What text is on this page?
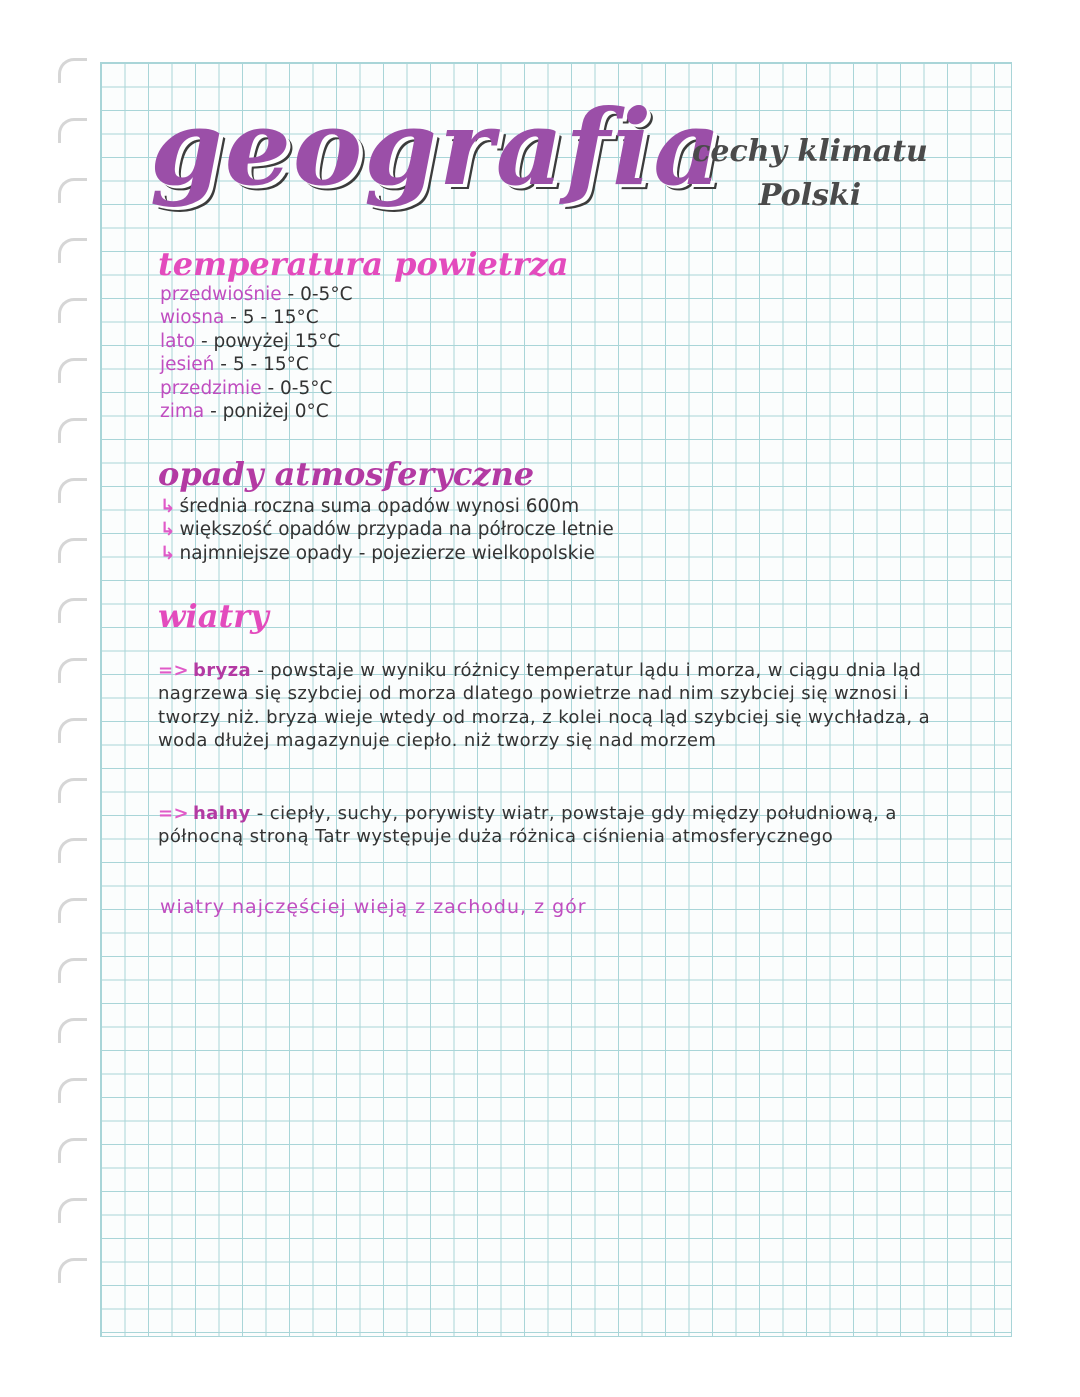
geografia
cechy klimatu
Polski
temperatura powietrza
przedwiośnie - 0-5°C
wiosna - 5 - 15°C
lato - powyżej 15°C
jesień - 5 - 15°C
przedzimie - 0-5°C
zima - poniżej 0°C
opady atmosferyczne
↳ średnia roczna suma opadów wynosi 600m
↳ większość opadów przypada na półrocze letnie
↳ najmniejsze opady - pojezierze wielkopolskie
wiatry
=> bryza - powstaje w wyniku różnicy temperatur lądu i morza, w ciągu dnia ląd nagrzewa się szybciej od morza dlatego powietrze nad nim szybciej się wznosi i tworzy niż. bryza wieje wtedy od morza, z kolei nocą ląd szybciej się wychładza, a woda dłużej magazynuje ciepło. niż tworzy się nad morzem
=> halny - ciepły, suchy, porywisty wiatr, powstaje gdy między południową, a północną stroną Tatr występuje duża różnica ciśnienia atmosferycznego
wiatry najczęściej wieją z zachodu, z gór
